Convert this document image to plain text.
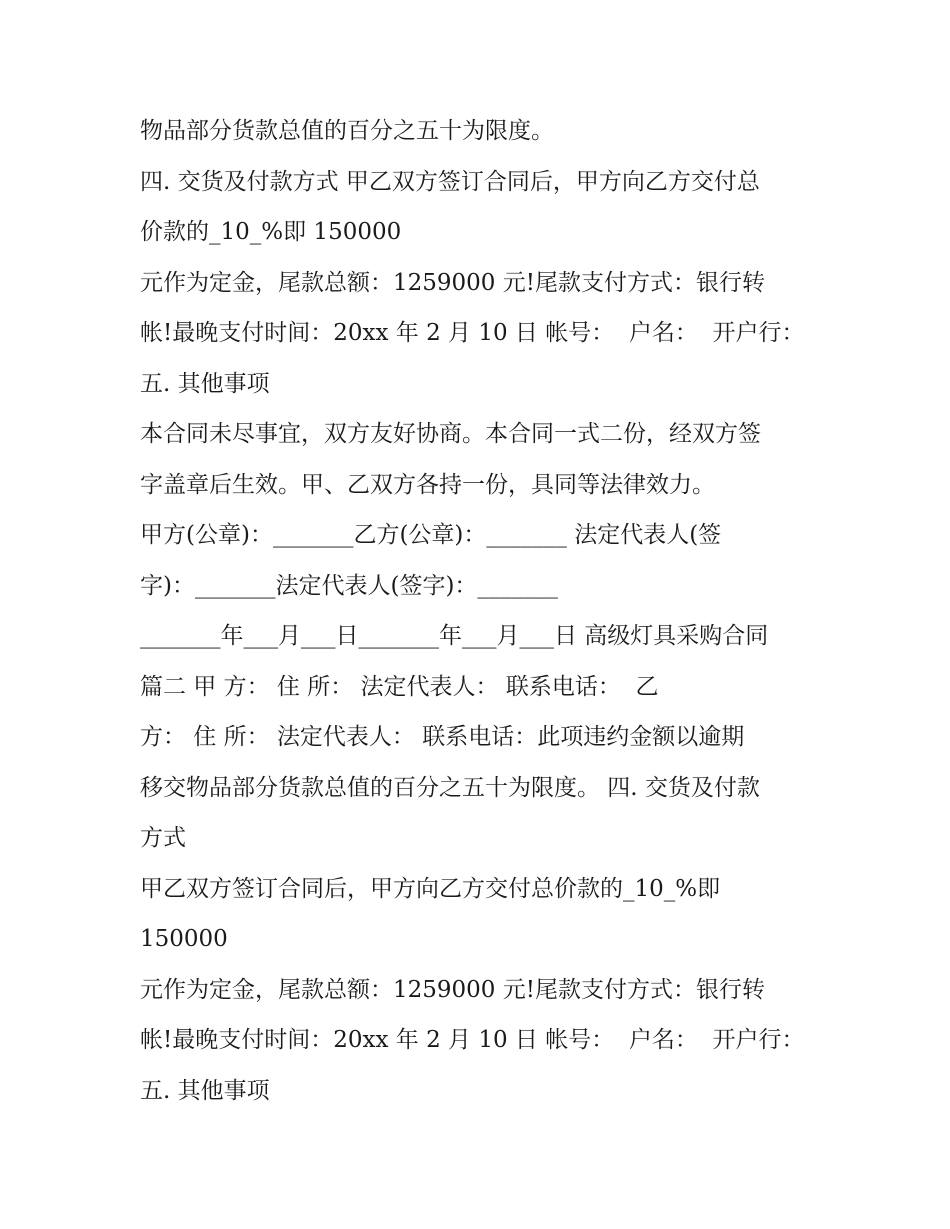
物品部分货款总值的百分之五十为限度。
四. 交货及付款方式 甲乙双方签订合同后，甲方向乙方交付总
价款的_10_%即 150000
元作为定金，尾款总额：1259000 元!尾款支付方式：银行转
帐!最晚支付时间：20xx 年 2 月 10 日 帐号：  户名：  开户行：
五. 其他事项
本合同未尽事宜，双方友好协商。本合同一式二份，经双方签
字盖章后生效。甲、乙双方各持一份，具同等法律效力。
甲方(公章)：_______乙方(公章)：_______ 法定代表人(签
字)：_______法定代表人(签字)：_______
_______年___月___日_______年___月___日 高级灯具采购合同
篇二 甲 方： 住 所： 法定代表人： 联系电话：  乙
方： 住 所： 法定代表人： 联系电话：此项违约金额以逾期
移交物品部分货款总值的百分之五十为限度。 四. 交货及付款
方式
甲乙双方签订合同后，甲方向乙方交付总价款的_10_%即
150000
元作为定金，尾款总额：1259000 元!尾款支付方式：银行转
帐!最晚支付时间：20xx 年 2 月 10 日 帐号：  户名：  开户行：
五. 其他事项
